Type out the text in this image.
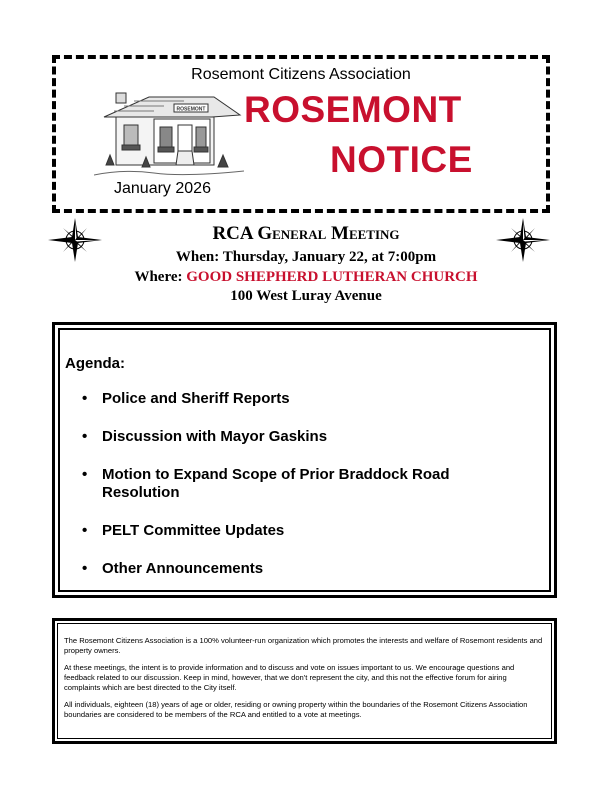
Rosemont Citizens Association
ROSEMONT ROSEMONT
NOTICE
January 2026
RCA General Meeting
When: Thursday, January 22, at 7:00pm
Where: GOOD SHEPHERD LUTHERAN CHURCH
100 West Luray Avenue
Agenda:
• Police and Sheriff Reports
• Discussion with Mayor Gaskins
• Motion to Expand Scope of Prior Braddock Road Resolution
• PELT Committee Updates
• Other Announcements

The Rosemont Citizens Association is a 100% volunteer-run organization which promotes the interests and welfare of Rosemont residents and property owners.

At these meetings, the intent is to provide information and to discuss and vote on issues important to us. We encourage questions and feedback related to our discussion. Keep in mind, however, that we don't represent the city, and this not the effective forum for airing complaints which are best directed to the City itself.

All individuals, eighteen (18) years of age or older, residing or owning property within the boundaries of the Rosemont Citizens Association boundaries are considered to be members of the RCA and entitled to a vote at meetings.
